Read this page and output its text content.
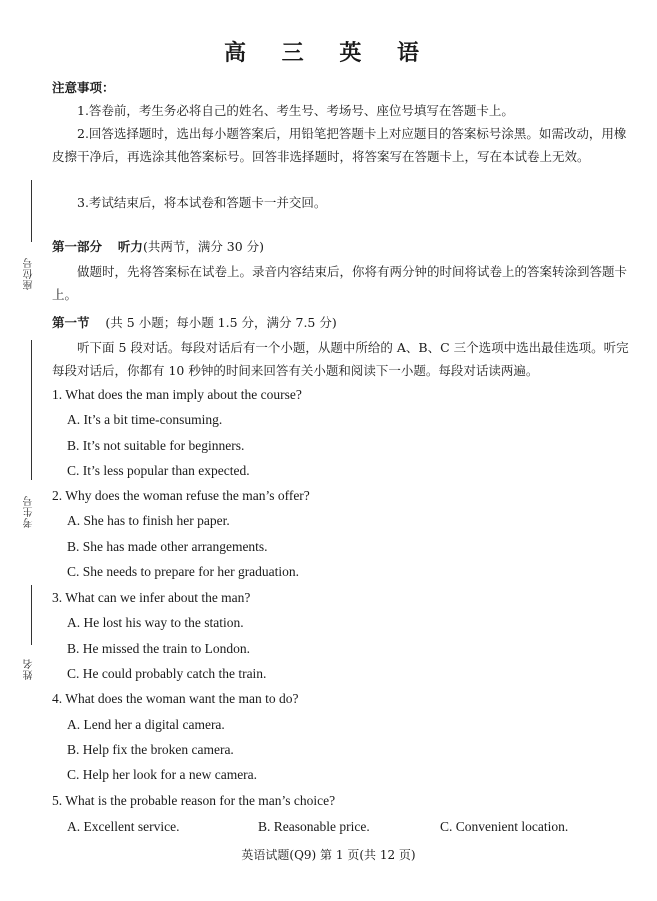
高 三 英 语
注意事项：
1.答卷前，考生务必将自己的姓名、考生号、考场号、座位号填写在答题卡上。
2.回答选择题时，选出每小题答案后，用铅笔把答题卡上对应题目的答案标号涂黑。如需改动，用橡皮擦干净后，再选涂其他答案标号。回答非选择题时，将答案写在答题卡上，写在本试卷上无效。
3.考试结束后，将本试卷和答题卡一并交回。
座位号
考生号
姓名
第一部分 听力(共两节，满分 30 分)
做题时，先将答案标在试卷上。录音内容结束后，你将有两分钟的时间将试卷上的答案转涂到答题卡上。
第一节 (共 5 小题；每小题 1.5 分，满分 7.5 分)
听下面 5 段对话。每段对话后有一个小题，从题中所给的 A、B、C 三个选项中选出最佳选项。听完每段对话后，你都有 10 秒钟的时间来回答有关小题和阅读下一小题。每段对话读两遍。
1. What does the man imply about the course?
A. It’s a bit time-consuming.
B. It’s not suitable for beginners.
C. It’s less popular than expected.
2. Why does the woman refuse the man’s offer?
A. She has to finish her paper.
B. She has made other arrangements.
C. She needs to prepare for her graduation.
3. What can we infer about the man?
A. He lost his way to the station.
B. He missed the train to London.
C. He could probably catch the train.
4. What does the woman want the man to do?
A. Lend her a digital camera.
B. Help fix the broken camera.
C. Help her look for a new camera.
5. What is the probable reason for the man’s choice?
A. Excellent service.	B. Reasonable price.	C. Convenient location.
英语试题(Q9) 第 1 页(共 12 页)
